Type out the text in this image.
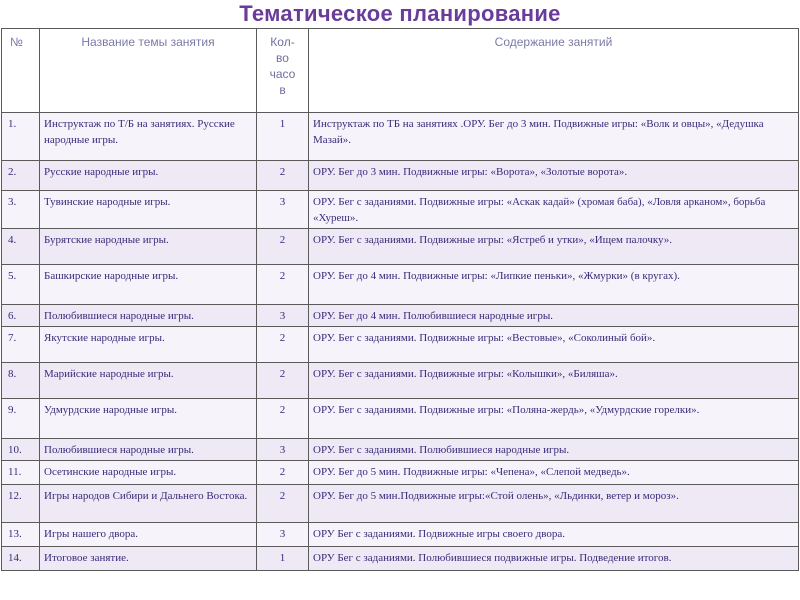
Тематическое планирование
№	Название темы занятия	Кол-
во
часо
в	Содержание занятий
1.	Инструктаж по Т/Б на занятиях. Русские народные игры.	1	Инструктаж по ТБ на занятиях .ОРУ. Бег до 3 мин. Подвижные игры: «Волк и овцы», «Дедушка Мазай».
2.	Русские народные игры.	2	ОРУ. Бег до 3 мин. Подвижные игры: «Ворота», «Золотые ворота».
3.	Тувинские народные игры.	3	ОРУ. Бег с заданиями. Подвижные игры: «Аскак кадай» (хромая баба), «Ловля арканом», борьба «Хуреш».
4.	Бурятские народные игры.	2	ОРУ. Бег с заданиями. Подвижные игры: «Ястреб и утки», «Ищем палочку».
5.	Башкирские народные игры.	2	ОРУ. Бег до 4 мин. Подвижные игры: «Липкие пеньки», «Жмурки» (в кругах).
6.	Полюбившиеся народные игры.	3	ОРУ. Бег до 4 мин. Полюбившиеся народные игры.
7.	Якутские народные игры.	2	ОРУ. Бег с заданиями. Подвижные игры: «Вестовые», «Соколиный бой».
8.	Марийские народные игры.	2	ОРУ. Бег с заданиями. Подвижные игры: «Колышки», «Биляша».
9.	Удмурдские народные игры.	2	ОРУ. Бег с заданиями. Подвижные игры: «Поляна-жердь», «Удмурдские горелки».
10.	Полюбившиеся народные игры.	3	ОРУ. Бег с заданиями. Полюбившиеся народные игры.
11.	Осетинские народные игры.	2	ОРУ. Бег до 5 мин. Подвижные игры: «Чепена», «Слепой медведь».
12.	Игры народов Сибири и Дальнего Востока.	2	ОРУ. Бег до 5 мин.Подвижные игры:«Стой олень», «Льдинки, ветер и мороз».
13.	Игры нашего двора.	3	ОРУ Бег с заданиями. Подвижные игры своего двора.
14.	Итоговое занятие.	1	ОРУ Бег с заданиями. Полюбившиеся подвижные игры. Подведение итогов.
